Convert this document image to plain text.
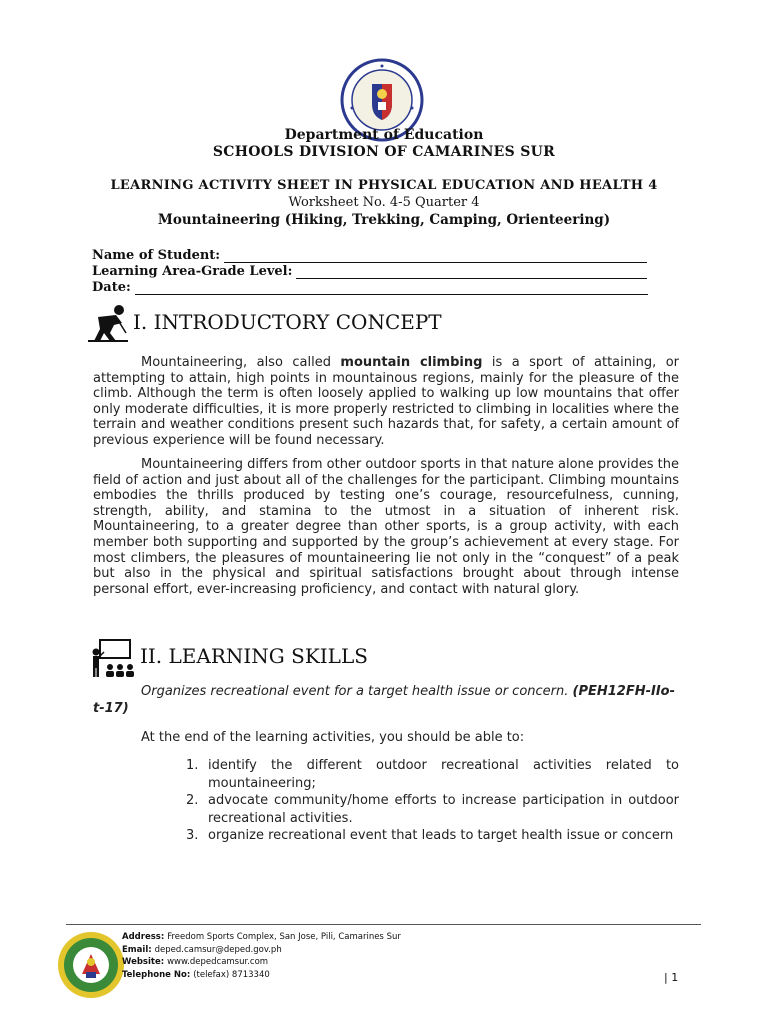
Department of Education
SCHOOLS DIVISION OF CAMARINES SUR
LEARNING ACTIVITY SHEET IN PHYSICAL EDUCATION AND HEALTH 4
Worksheet No. 4-5 Quarter 4
Mountaineering (Hiking, Trekking, Camping, Orienteering)
Name of Student:
Learning Area-Grade Level:
Date:
I. INTRODUCTORY CONCEPT

Mountaineering, also called mountain climbing is a sport of attaining, or attempting to attain, high points in mountainous regions, mainly for the pleasure of the climb. Although the term is often loosely applied to walking up low mountains that offer only moderate difficulties, it is more properly restricted to climbing in localities where the terrain and weather conditions present such hazards that, for safety, a certain amount of previous experience will be found necessary.

Mountaineering differs from other outdoor sports in that nature alone provides the field of action and just about all of the challenges for the participant. Climbing mountains embodies the thrills produced by testing one’s courage, resourcefulness, cunning, strength, ability, and stamina to the utmost in a situation of inherent risk. Mountaineering, to a greater degree than other sports, is a group activity, with each member both supporting and supported by the group’s achievement at every stage. For most climbers, the pleasures of mountaineering lie not only in the “conquest” of a peak but also in the physical and spiritual satisfactions brought about through intense personal effort, ever-increasing proficiency, and contact with natural glory.

II. LEARNING SKILLS
Organizes recreational event for a target health issue or concern. (PEH12FH-IIo-t-17)
At the end of the learning activities, you should be able to:
1. identify the different outdoor recreational activities related to mountaineering;
2. advocate community/home efforts to increase participation in outdoor recreational activities.
3. organize recreational event that leads to target health issue or concern
Address: Freedom Sports Complex, San Jose, Pili, Camarines Sur
Email: deped.camsur@deped.gov.ph
Website: www.depedcamsur.com
Telephone No: (telefax) 8713340	| 1
